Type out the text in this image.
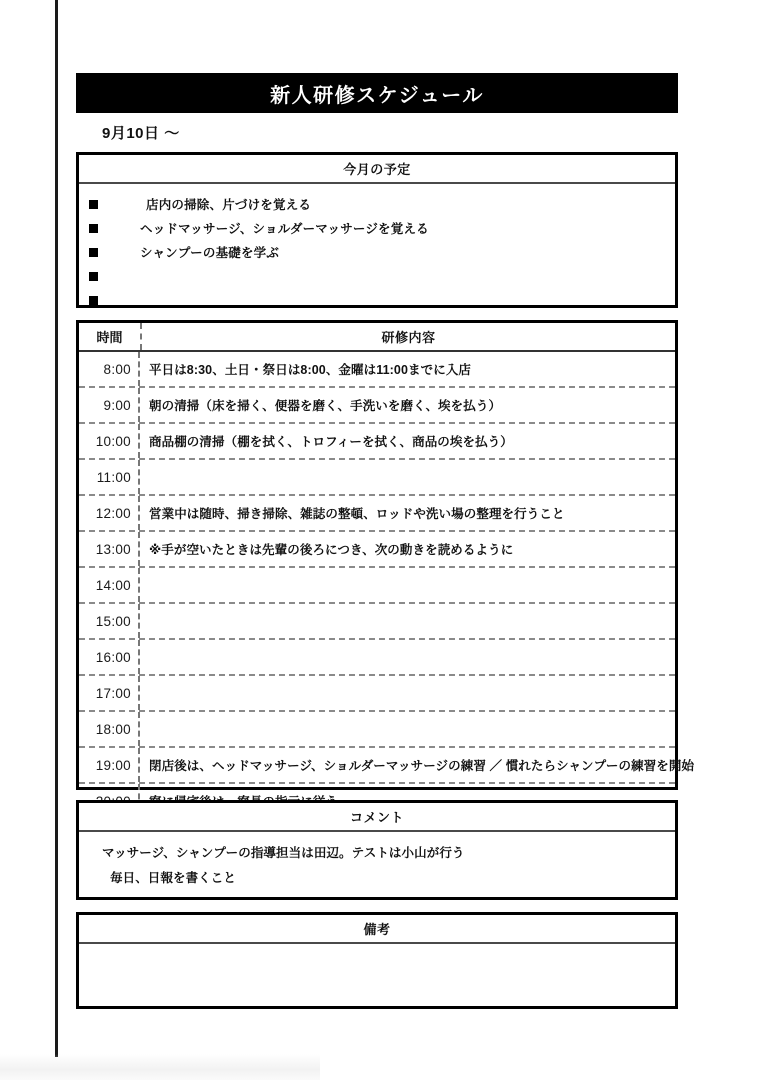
新人研修スケジュール
9月10日 ～
今月の予定
店内の掃除、片づけを覚える
ヘッドマッサージ、ショルダーマッサージを覚える
シャンプーの基礎を学ぶ
時間	研修内容
8:00	平日は8:30、土日・祭日は8:00、金曜は11:00までに入店
9:00	朝の清掃（床を掃く、便器を磨く、手洗いを磨く、埃を払う）
10:00	商品棚の清掃（棚を拭く、トロフィーを拭く、商品の埃を払う）
11:00
12:00	営業中は随時、掃き掃除、雑誌の整頓、ロッドや洗い場の整理を行うこと
13:00	※手が空いたときは先輩の後ろにつき、次の動きを読めるように
14:00
15:00
16:00
17:00
18:00
19:00	閉店後は、ヘッドマッサージ、ショルダーマッサージの練習 ／ 慣れたらシャンプーの練習を開始
コメント
マッサージ、シャンプーの指導担当は田辺。テストは小山が行う
毎日、日報を書くこと
備考
